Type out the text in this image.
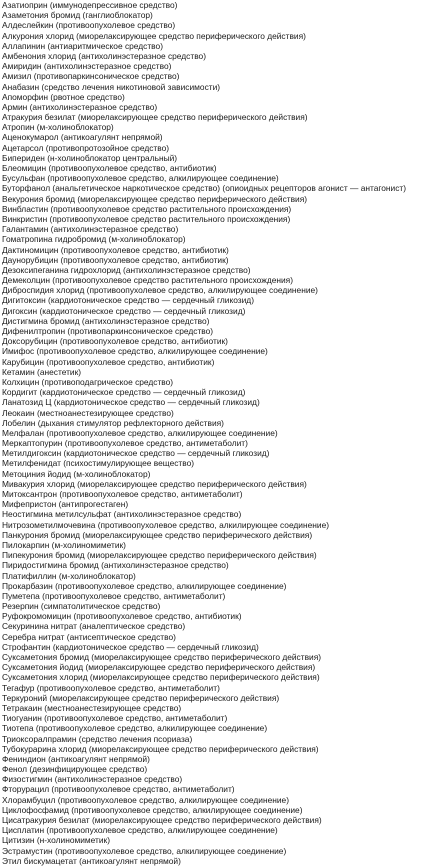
Азатиоприн (иммунодепрессивное средство)
Азаметония бромид (ганглиоблокатор)
Алдеслейкин (противоопухолевое средство)
Алкурония хлорид (миорелаксирующее средство периферического действия)
Аллапинин (антиаритмическое средство)
Амбенония хлорид (антихолинэстеразное средство)
Амиридин (антихолинэстеразное средство)
Амизил (противопаркинсоническое средство)
Анабазин (средство лечения никотиновой зависимости)
Апоморфин (рвотное средство)
Армин (антихолинэстеразное средство)
Атракурия безилат (миорелаксирующее средство периферического действия)
Атропин (м-холиноблокатор)
Аценокумарол (антикоагулянт непрямой)
Ацетарсол (противопротозойное средство)
Бипериден (н-холиноблокатор центральный)
Блеомицин (противоопухолевое средство, антибиотик)
Бусульфан (противоопухолевое средство, алкилирующее соединение)
Буторфанол (анальгетическое наркотическое средство) (опиоидных рецепторов агонист — антагонист)
Векурония бромид (миорелаксирующее средство периферического действия)
Винбластин (противоопухолевое средство растительного происхождения)
Винкристин (противоопухолевое средство растительного происхождения)
Галантамин (антихолинэстеразное средство)
Гоматропина гидробромид (м-холиноблокатор)
Дактиномицин (противоопухолевое средство, антибиотик)
Даунорубицин (противоопухолевое средство, антибиотик)
Дезоксипеганина гидрохлорид (антихолинэстеразное средство)
Демеколцин (противоопухолевое средство растительного происхождения)
Диброспидия хлорид (противоопухолевое средство, алкилирующее соединение)
Дигитоксин (кардиотоническое средство — сердечный гликозид)
Дигоксин (кардиотоническое средство — сердечный гликозид)
Дистигмина бромид (антихолинэстеразное средство)
Дифенилтропин (противопаркинсоническое средство)
Доксорубицин (противоопухолевое средство, антибиотик)
Имифос (противоопухолевое средство, алкилирующее соединение)
Карубицин (противоопухолевое средство, антибиотик)
Кетамин (анестетик)
Колхицин (противоподагрическое средство)
Кордигит (кардиотоническое средство — сердечный гликозид)
Ланатозид Ц (кардиотоническое средство — сердечный гликозид)
Леокаин (местноанестезирующее средство)
Лобелин (дыхания стимулятор рефлекторного действия)
Мелфалан (противоопухолевое средство, алкилирующее соединение)
Меркаптопурин (противоопухолевое средство, антиметаболит)
Метилдигоксин (кардиотоническое средство — сердечный гликозид)
Метилфенидат (психостимулирующее вещество)
Метоциния йодид (м-холиноблокатор)
Мивакурия хлорид (миорелаксирующее средство периферического действия)
Митоксантрон (противоопухолевое средство, антиметаболит)
Мифепристон (антипрогестаген)
Неостигмина метилсульфат (антихолинэстеразное средство)
Нитрозометилмочевина (противоопухолевое средство, алкилирующее соединение)
Панкурония бромид (миорелаксирующее средство периферического действия)
Пилокарпин (м-холиномиметик)
Пипекурония бромид (миорелаксирующее средство периферического действия)
Пиридостигмина бромид (антихолинэстеразное средство)
Платифиллин (м-холиноблокатор)
Прокарбазин (противоопухолевое средство, алкилирующее соединение)
Пуметепа (противоопухолевое средство, антиметаболит)
Резерпин (симпатолитическое средство)
Руфокромомицин (противоопухолевое средство, антибиотик)
Секуринина нитрат (аналептическое средство)
Серебра нитрат (антисептическое средство)
Строфантин (кардиотоническое средство — сердечный гликозид)
Суксаметония бромид (миорелаксирующее средство периферического действия)
Суксаметония йодид (миорелаксирующее средство периферического действия)
Суксаметония хлорид (миорелаксирующее средство периферического действия)
Тегафур (противоопухолевое средство, антиметаболит)
Теркуроний (миорелаксирующее средство периферического действия)
Тетракаин (местноанестезирующее средство)
Тиогуанин (противоопухолевое средство, антиметаболит)
Тиотепа (противоопухолевое средство, алкилирующее соединение)
Триоксоралпрамин (средство лечения псориаза)
Тубокурарина хлорид (миорелаксирующее средство периферического действия)
Фениндион (антикоагулянт непрямой)
Фенол (дезинфицирующее средство)
Физостигмин (антихолинэстеразное средство)
Фторурацил (противоопухолевое средство, антиметаболит)
Хлорамбуцил (противоопухолевое средство, алкилирующее соединение)
Циклофосфамид (противоопухолевое средство, алкилирующее соединение)
Цисатракурия безилат (миорелаксирующее средство периферического действия)
Цисплатин (противоопухолевое средство, алкилирующее соединение)
Цитизин (н-холиномиметик)
Эстрамустин (противоопухолевое средство, алкилирующее соединение)
Этил бискумацетат (антикоагулянт непрямой)
